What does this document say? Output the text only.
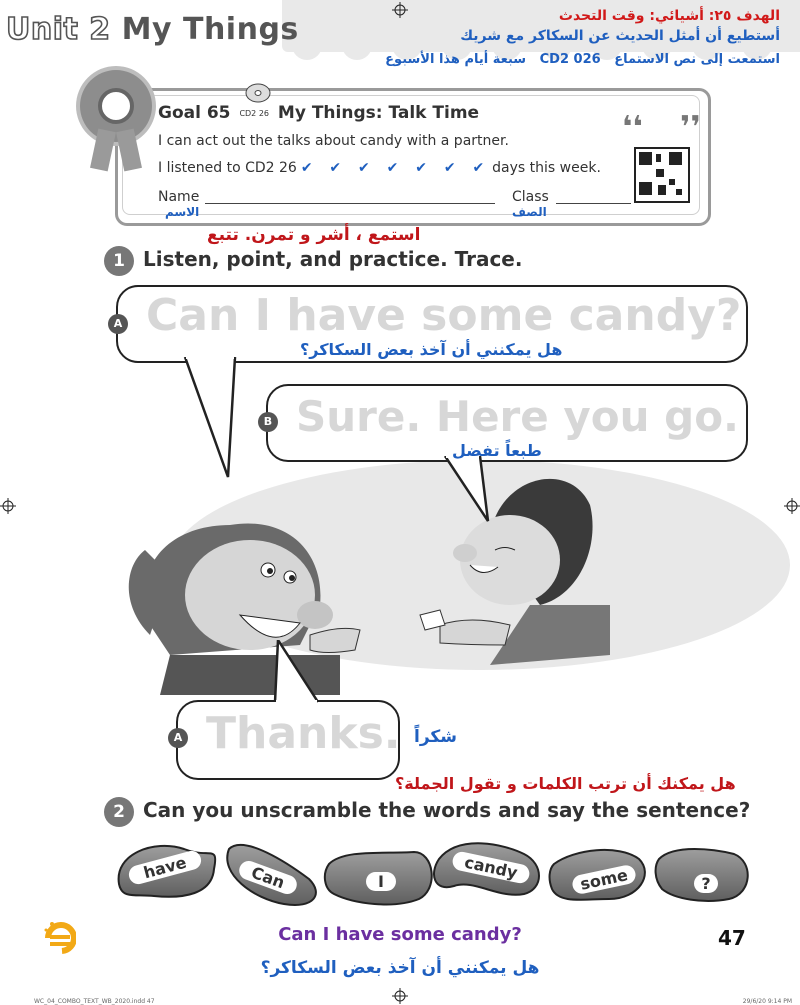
Unit 2 My Things	الهدف ٢٥: أشيائي: وقت التحدث
أستطيع أن أمثل الحديث عن السكاكر مع شريك
استمعت إلى نص الاستماع   CD2 026   سبعة أيام هذا الأسبوع
Goal 65 CD2 26 My Things: Talk Time
I can act out the talks about candy with a partner.
I listened to CD2 26 ✔ ✔ ✔ ✔ ✔ ✔ ✔ days this week.
Name
الاسم
Class
الصف
❛❛ ❜❜
استمع ، أشر و تمرن. تتبع
1 Listen, point, and practice. Trace.
A Can I have some candy?
هل يمكنني أن آخذ بعض السكاكر؟
B Sure. Here you go.
طبعاً تفضل
A Thanks. شكراً
هل يمكنك أن ترتب الكلمات و تقول الجملة؟
2 Can you unscramble the words and say the sentence?
have	Can	I	candy	some	?
Can I have some candy?
هل يمكنني أن آخذ بعض السكاكر؟
47
WC_04_COMBO_TEXT_WB_2020.indd 47	29/6/20 9:14 PM
